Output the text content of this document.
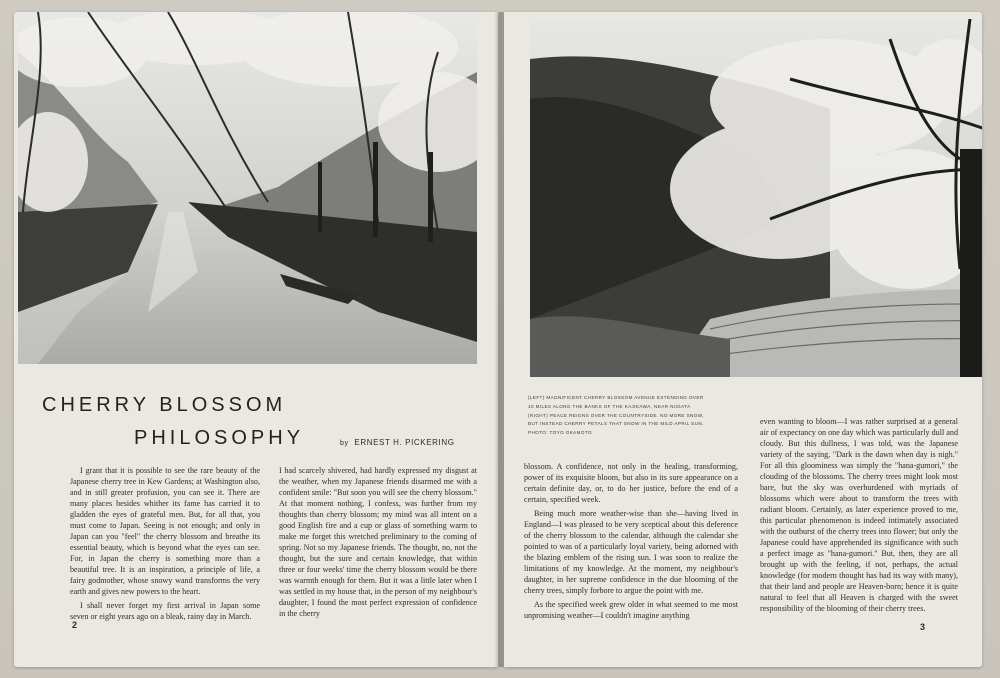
CHERRY BLOSSOM
PHILOSOPHY	by ERNEST H. PICKERING

I grant that it is possible to see the rare beauty of the Japanese cherry tree in Kew Gardens; at Washington also, and in still greater profusion, you can see it. There are many places besides whither its fame has carried it to gladden the eyes of grateful men. But, for all that, you must come to Japan. Seeing is not enough; and only in Japan can you "feel" the cherry blossom and breathe its essential beauty, which is beyond what the eyes can see. For, in Japan the cherry is something more than a beautiful tree. It is an inspiration, a principle of life, a fairy godmother, whose snowy wand transforms the very earth and gives new powers to the heart.

I shall never forget my first arrival in Japan some seven or eight years ago on a bleak, rainy day in March.

I had scarcely shivered, had hardly expressed my disgust at the weather, when my Japanese friends disarmed me with a confident smile: "But soon you will see the cherry blossom." At that moment nothing, I confess, was further from my thoughts than cherry blossom; my mind was all intent on a good English fire and a cup or glass of something warm to make me forget this wretched preliminary to the coming of spring. Not so my Japanese friends. The thought, no, not the thought, but the sure and certain knowledge, that within three or four weeks' time the cherry blossom would be there was warmth enough for them. But it was a little later when I was settled in my house that, in the person of my neighbour's daughter, I found the most perfect expression of confidence in the cherry

2
(LEFT) MAGNIFICENT CHERRY BLOSSOM AVENUE EXTENDING OVER
10 MILES ALONG THE BANKS OF THE KAJIKAWA, NEAR NIIGATA
(RIGHT) PEACE REIGNS OVER THE COUNTRYSIDE. NO MORE SNOW,
BUT INSTEAD CHERRY PETALS THAT SNOW IN THE MILD APRIL SUN.
PHOTO: TOYO OKAMOTO

blossom. A confidence, not only in the healing, transforming, power of its exquisite bloom, but also in its sure appearance on a certain definite day, or, to do her justice, before the end of a certain, specified week.

Being much more weather-wise than she—having lived in England—I was pleased to be very sceptical about this deference of the cherry blossom to the calendar, although the calendar she pointed to was of a particularly loyal variety, being adorned with the blazing emblem of the rising sun. I was soon to realize the limitations of my knowledge. At the moment, my neighbour's daughter, in her supreme confidence in the due blooming of the cherry trees, simply forbore to argue the point with me.

As the specified week grew older in what seemed to me most unpromising weather—I couldn't imagine anything

even wanting to bloom—I was rather surprised at a general air of expectancy on one day which was particularly dull and cloudy. But this dullness, I was told, was the Japanese variety of the saying, "Dark is the dawn when day is nigh." For all this gloominess was simply the "hana-gumori," the clouding of the blossoms. The cherry trees might look most bare, but the sky was overburdened with myriads of blossoms which were about to transform the trees with radiant bloom. Certainly, as later experience proved to me, this particular phenomenon is indeed intimately associated with the outburst of the cherry trees into flower; but only the Japanese could have apprehended its significance with such a perfect image as "hana-gumori." But, then, they are all brought up with the feeling, if not, perhaps, the actual knowledge (for modern thought has had its way with many), that their land and people are Heaven-born; hence it is quite natural to feel that all Heaven is charged with the sweet responsibility of the blooming of their cherry trees.

3
